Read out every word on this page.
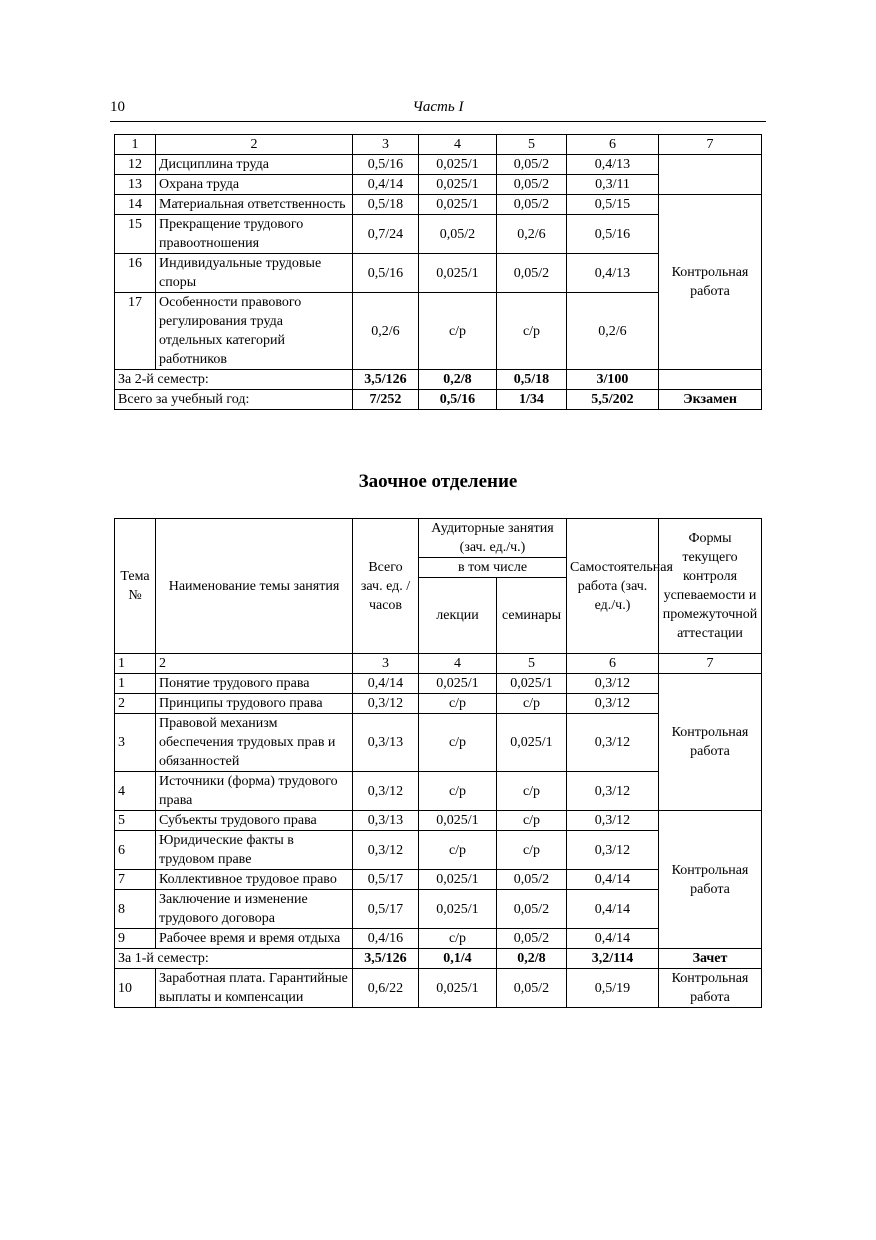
10	Часть I
1	2	3	4	5	6	7
12	Дисциплина труда	0,5/16	0,025/1	0,05/2	0,4/13	
13	Охрана труда	0,4/14	0,025/1	0,05/2	0,3/11	
14	Материальная ответственность	0,5/18	0,025/1	0,05/2	0,5/15	Контрольная работа
15	Прекращение трудового правоотношения	0,7/24	0,05/2	0,2/6	0,5/16	
16	Индивидуальные трудовые споры	0,5/16	0,025/1	0,05/2	0,4/13	
17	Особенности правового регулирования труда отдельных категорий работников	0,2/6	с/р	с/р	0,2/6	
За 2-й семестр:		3,5/126	0,2/8	0,5/18	3/100	
Всего за учебный год:		7/252	0,5/16	1/34	5,5/202	Экзамен
Заочное отделение
Тема №	Наименование темы занятия	Всего зач. ед. /часов	Аудиторные занятия (зач. ед./ч.)		Самостоятельная работа (зач. ед./ч.)	Формы текущего контроля успеваемости и промежуточной аттестации
			в том числе			
			лекции	семинары		
1	2	3	4	5	6	7
1	Понятие трудового права	0,4/14	0,025/1	0,025/1	0,3/12	Контрольная работа
2	Принципы трудового права	0,3/12	с/р	с/р	0,3/12	
3	Правовой механизм обеспечения трудовых прав и обязанностей	0,3/13	с/р	0,025/1	0,3/12	
4	Источники (форма) трудового права	0,3/12	с/р	с/р	0,3/12	
5	Субъекты трудового права	0,3/13	0,025/1	с/р	0,3/12	Контрольная работа
6	Юридические факты в трудовом праве	0,3/12	с/р	с/р	0,3/12	
7	Коллективное трудовое право	0,5/17	0,025/1	0,05/2	0,4/14	
8	Заключение и изменение трудового договора	0,5/17	0,025/1	0,05/2	0,4/14	
9	Рабочее время и время отдыха	0,4/16	с/р	0,05/2	0,4/14	
За 1-й семестр:		3,5/126	0,1/4	0,2/8	3,2/114	Зачет
10	Заработная плата. Гарантийные выплаты и компенсации	0,6/22	0,025/1	0,05/2	0,5/19	Контрольная работа
